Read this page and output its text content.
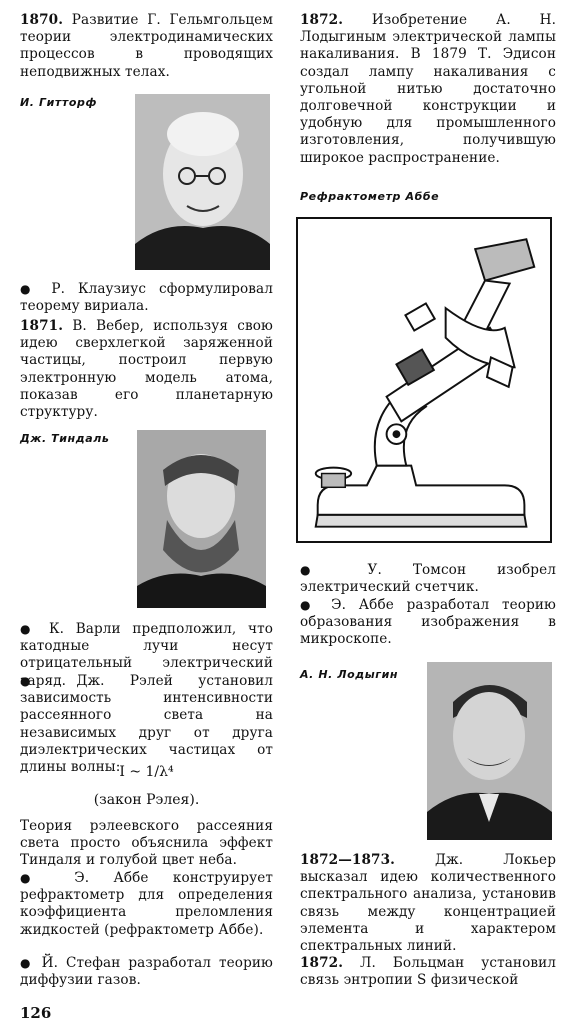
1870. Развитие Г. Гельмгольцем теории электродинамических процессов в проводящих неподвижных телах.

И. Гитторф

● Р. Клаузиус сформулировал теорему вириала.

1871. В. Вебер, используя свою идею сверхлегкой заряженной частицы, построил первую электронную модель атома, показав его планетарную структуру.

Дж. Тиндаль

● К. Варли предположил, что катодные лучи несут отрицательный электрический заряд.

● Дж. Рэлей установил зависимость интенсивности рассеянного света на независимых друг от друга диэлектрических частицах от длины волны:

I ~ 1/λ⁴

(закон Рэлея).

Теория рэлеевского рассеяния света просто объяснила эффект Тиндаля и голубой цвет неба.

● Э. Аббе конструирует рефрактометр для определения коэффициента преломления жидкостей (рефрактометр Аббе).

● Й. Стефан разработал теорию диффузии газов.

126

1872. Изобретение А. Н. Лодыгиным электрической лампы накаливания. В 1879 Т. Эдисон создал лампу накаливания с угольной нитью достаточно долговечной конструкции и удобную для промышленного изготовления, получившую широкое распространение.

Рефрактометр Аббе

● У. Томсон изобрел электрический счетчик.

● Э. Аббе разработал теорию образования изображения в микроскопе.

А. Н. Лодыгин

1872—1873.	Дж. Локьер высказал идею количественного спектрального анализа, установив связь между концентрацией элемента и характером спектральных линий.

1872. Л. Больцман установил связь энтропии S физической
